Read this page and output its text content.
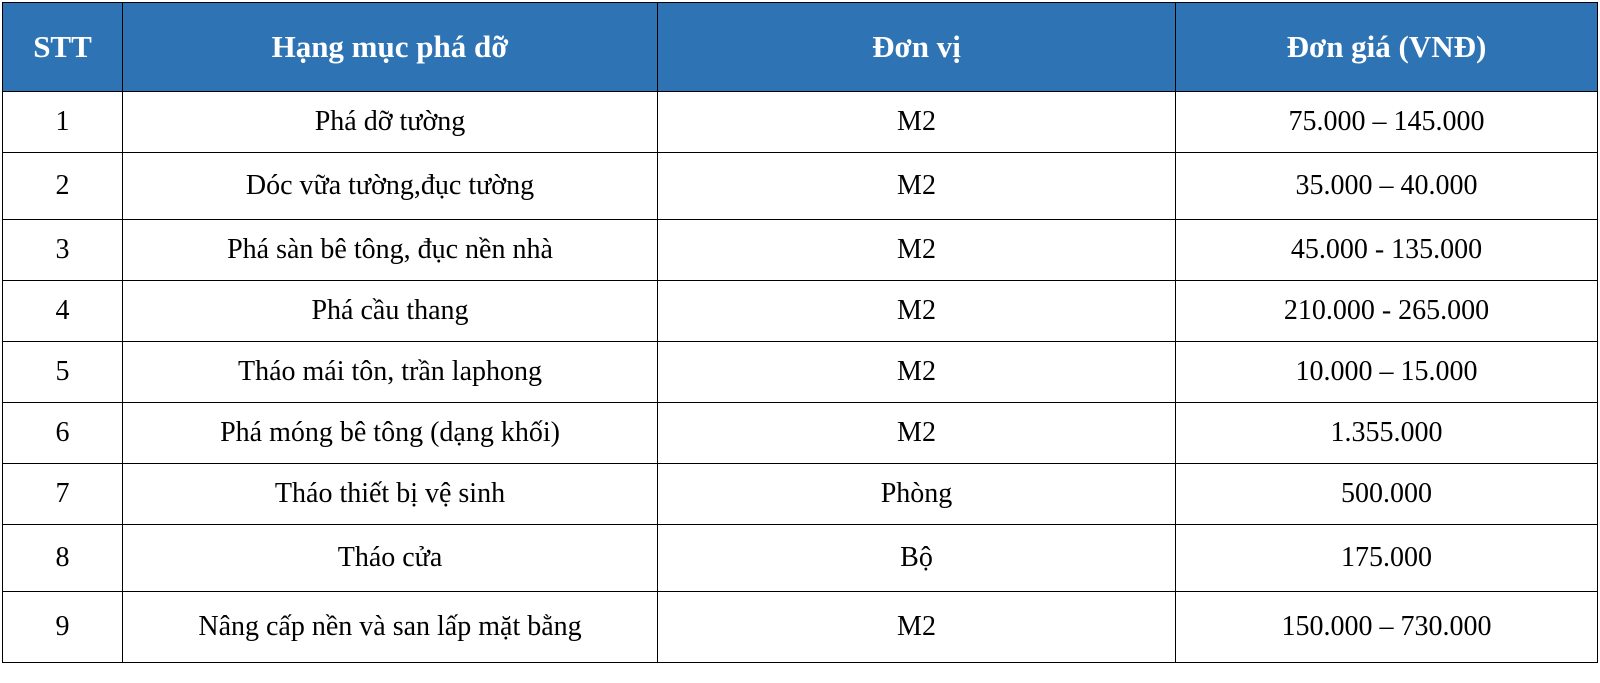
STT	Hạng mục phá dỡ	Đơn vị	Đơn giá (VNĐ)
1	Phá dỡ tường	M2	75.000 – 145.000
2	Dóc vữa tường,đục tường	M2	35.000 – 40.000
3	Phá sàn bê tông, đục nền nhà	M2	45.000 - 135.000
4	Phá cầu thang	M2	210.000 - 265.000
5	Tháo mái tôn, trần laphong	M2	10.000 – 15.000
6	Phá móng bê tông (dạng khối)	M2	1.355.000
7	Tháo thiết bị vệ sinh	Phòng	500.000
8	Tháo cửa	Bộ	175.000
9	Nâng cấp nền và san lấp mặt bằng	M2	150.000 – 730.000
